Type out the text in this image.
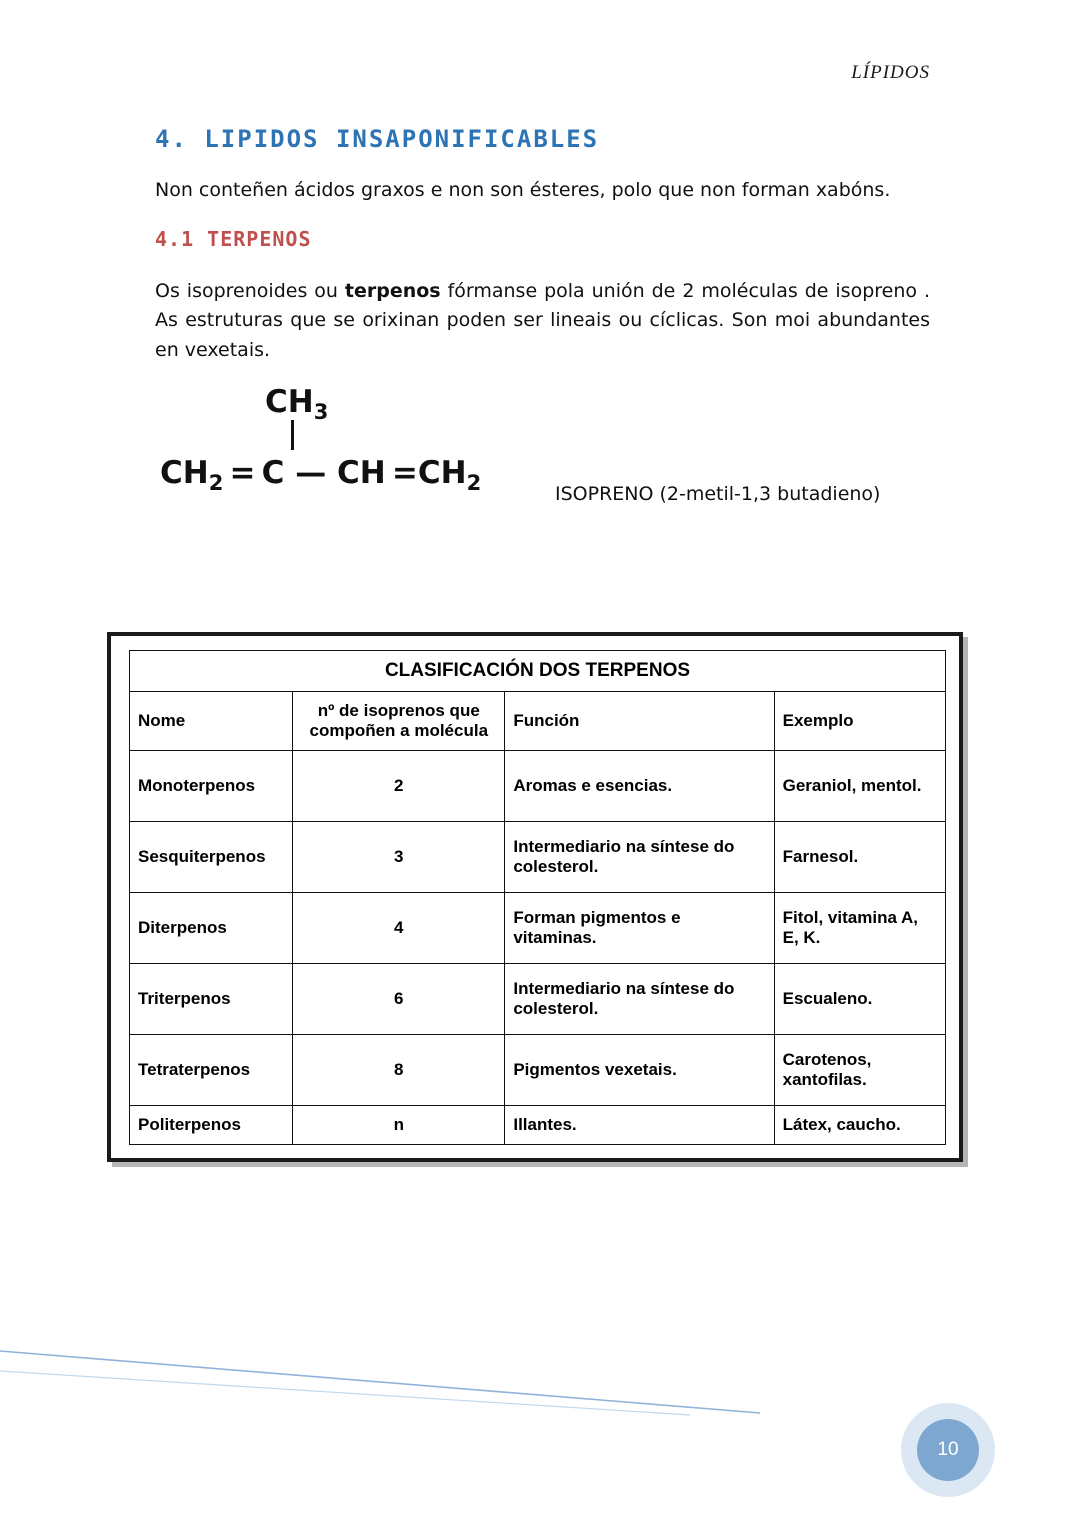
LÍPIDOS
4. LIPIDOS INSAPONIFICABLES

Non conteñen ácidos graxos e non son ésteres, polo que non forman xabóns.

4.1 TERPENOS

Os isoprenoides ou terpenos fórmanse pola unión de 2 moléculas de isopreno . As estruturas que se orixinan poden ser lineais ou cíclicas. Son moi abundantes en vexetais.

$CH_3$
$CH_2 = C$ — CH $=CH_2$	ISOPRENO (2-metil-1,3 butadieno)
CLASIFICACIÓN DOS TERPENOS			
Nome	nº de isoprenos que compoñen a molécula	Función	Exemplo
Monoterpenos	2	Aromas e esencias.	Geraniol, mentol.
Sesquiterpenos	3	Intermediario na síntese do colesterol.	Farnesol.
Diterpenos	4	Forman pigmentos e vitaminas.	Fitol, vitamina A, E, K.
Triterpenos	6	Intermediario na síntese do colesterol.	Escualeno.
Tetraterpenos	8	Pigmentos vexetais.	Carotenos, xantofilas.
Politerpenos	n	Illantes.	Látex, caucho.
10
